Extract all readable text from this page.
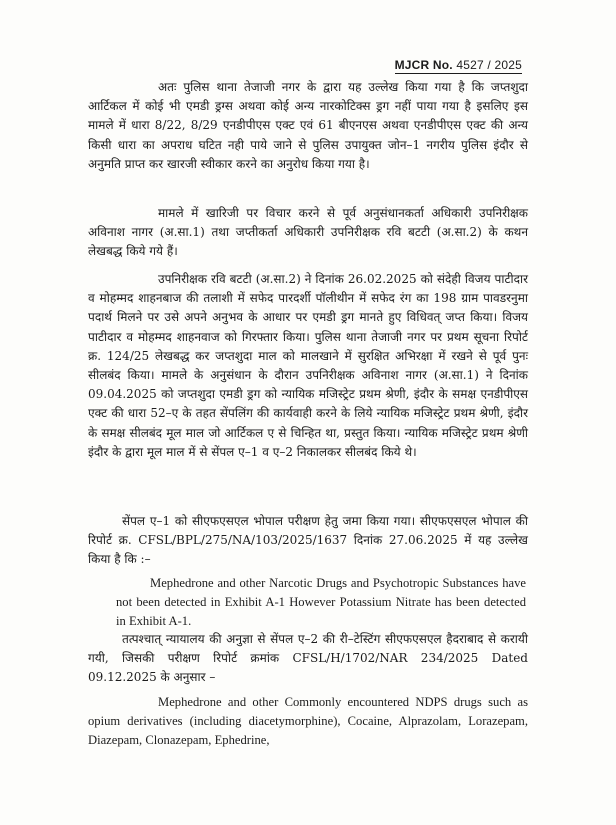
MJCR No. 4527 / 2025

अतः पुलिस थाना तेजाजी नगर के द्वारा यह उल्लेख किया गया है कि जप्तशुदा आर्टिकल में कोई भी एमडी ड्रग्स अथवा कोई अन्य नारकोटिक्स ड्रग नहीं पाया गया है इसलिए इस मामले में धारा 8/22, 8/29 एनडीपीएस एक्ट एवं 61 बीएनएस अथवा एनडीपीएस एक्ट की अन्य किसी धारा का अपराध घटित नही पाये जाने से पुलिस उपायुक्त जोन–1 नगरीय पुलिस इंदौर से अनुमति प्राप्त कर खारजी स्वीकार करने का अनुरोध किया गया है।

मामले में खारिजी पर विचार करने से पूर्व अनुसंधानकर्ता अधिकारी उपनिरीक्षक अविनाश नागर (अ.सा.1) तथा जप्तीकर्ता अधिकारी उपनिरीक्षक रवि बटटी (अ.सा.2) के कथन लेखबद्ध किये गये हैं।

उपनिरीक्षक रवि बटटी (अ.सा.2) ने दिनांक 26.02.2025 को संदेही विजय पाटीदार व मोहम्मद शाहनबाज की तलाशी में सफेद पारदर्शी पॉलीथीन में सफेद रंग का 198 ग्राम पावडरनुमा पदार्थ मिलने पर उसे अपने अनुभव के आधार पर एमडी ड्रग मानते हुए विधिवत् जप्त किया। विजय पाटीदार व मोहम्मद शाहनवाज को गिरफ्तार किया। पुलिस थाना तेजाजी नगर पर प्रथम सूचना रिपोर्ट क्र. 124/25 लेखबद्ध कर जप्तशुदा माल को मालखाने में सुरक्षित अभिरक्षा में रखने से पूर्व पुनः सीलबंद किया। मामले के अनुसंधान के दौरान उपनिरीक्षक अविनाश नागर (अ.सा.1) ने दिनांक 09.04.2025 को जप्तशुदा एमडी ड्रग को न्यायिक मजिस्ट्रेट प्रथम श्रेणी, इंदौर के समक्ष एनडीपीएस एक्ट की धारा 52–ए के तहत सेंपलिंग की कार्यवाही करने के लिये न्यायिक मजिस्ट्रेट प्रथम श्रेणी, इंदौर के समक्ष सीलबंद मूल माल जो आर्टिकल ए से चिन्हित था, प्रस्तुत किया। न्यायिक मजिस्ट्रेट प्रथम श्रेणी इंदौर के द्वारा मूल माल में से सेंपल ए–1 व ए–2 निकालकर सीलबंद किये थे।

सेंपल ए–1 को सीएफएसएल भोपाल परीक्षण हेतु जमा किया गया। सीएफएसएल भोपाल की रिपोर्ट क्र. CFSL/BPL/275/NA/103/2025/1637 दिनांक 27.06.2025 में यह उल्लेख किया है कि :–

Mephedrone and other Narcotic Drugs and Psychotropic Substances have not been detected in Exhibit A-1 However Potassium Nitrate has been detected in Exhibit A-1.

तत्पश्चात् न्यायालय की अनुज्ञा से सेंपल ए–2 की री–टेस्टिंग सीएफएसएल हैदराबाद से करायी गयी, जिसकी परीक्षण रिपोर्ट क्रमांक CFSL/H/1702/NAR 234/2025 Dated 09.12.2025 के अनुसार –

Mephedrone and other Commonly encountered NDPS drugs such as opium derivatives (including diacetymorphine), Cocaine, Alprazolam, Lorazepam, Diazepam, Clonazepam, Ephedrine,
